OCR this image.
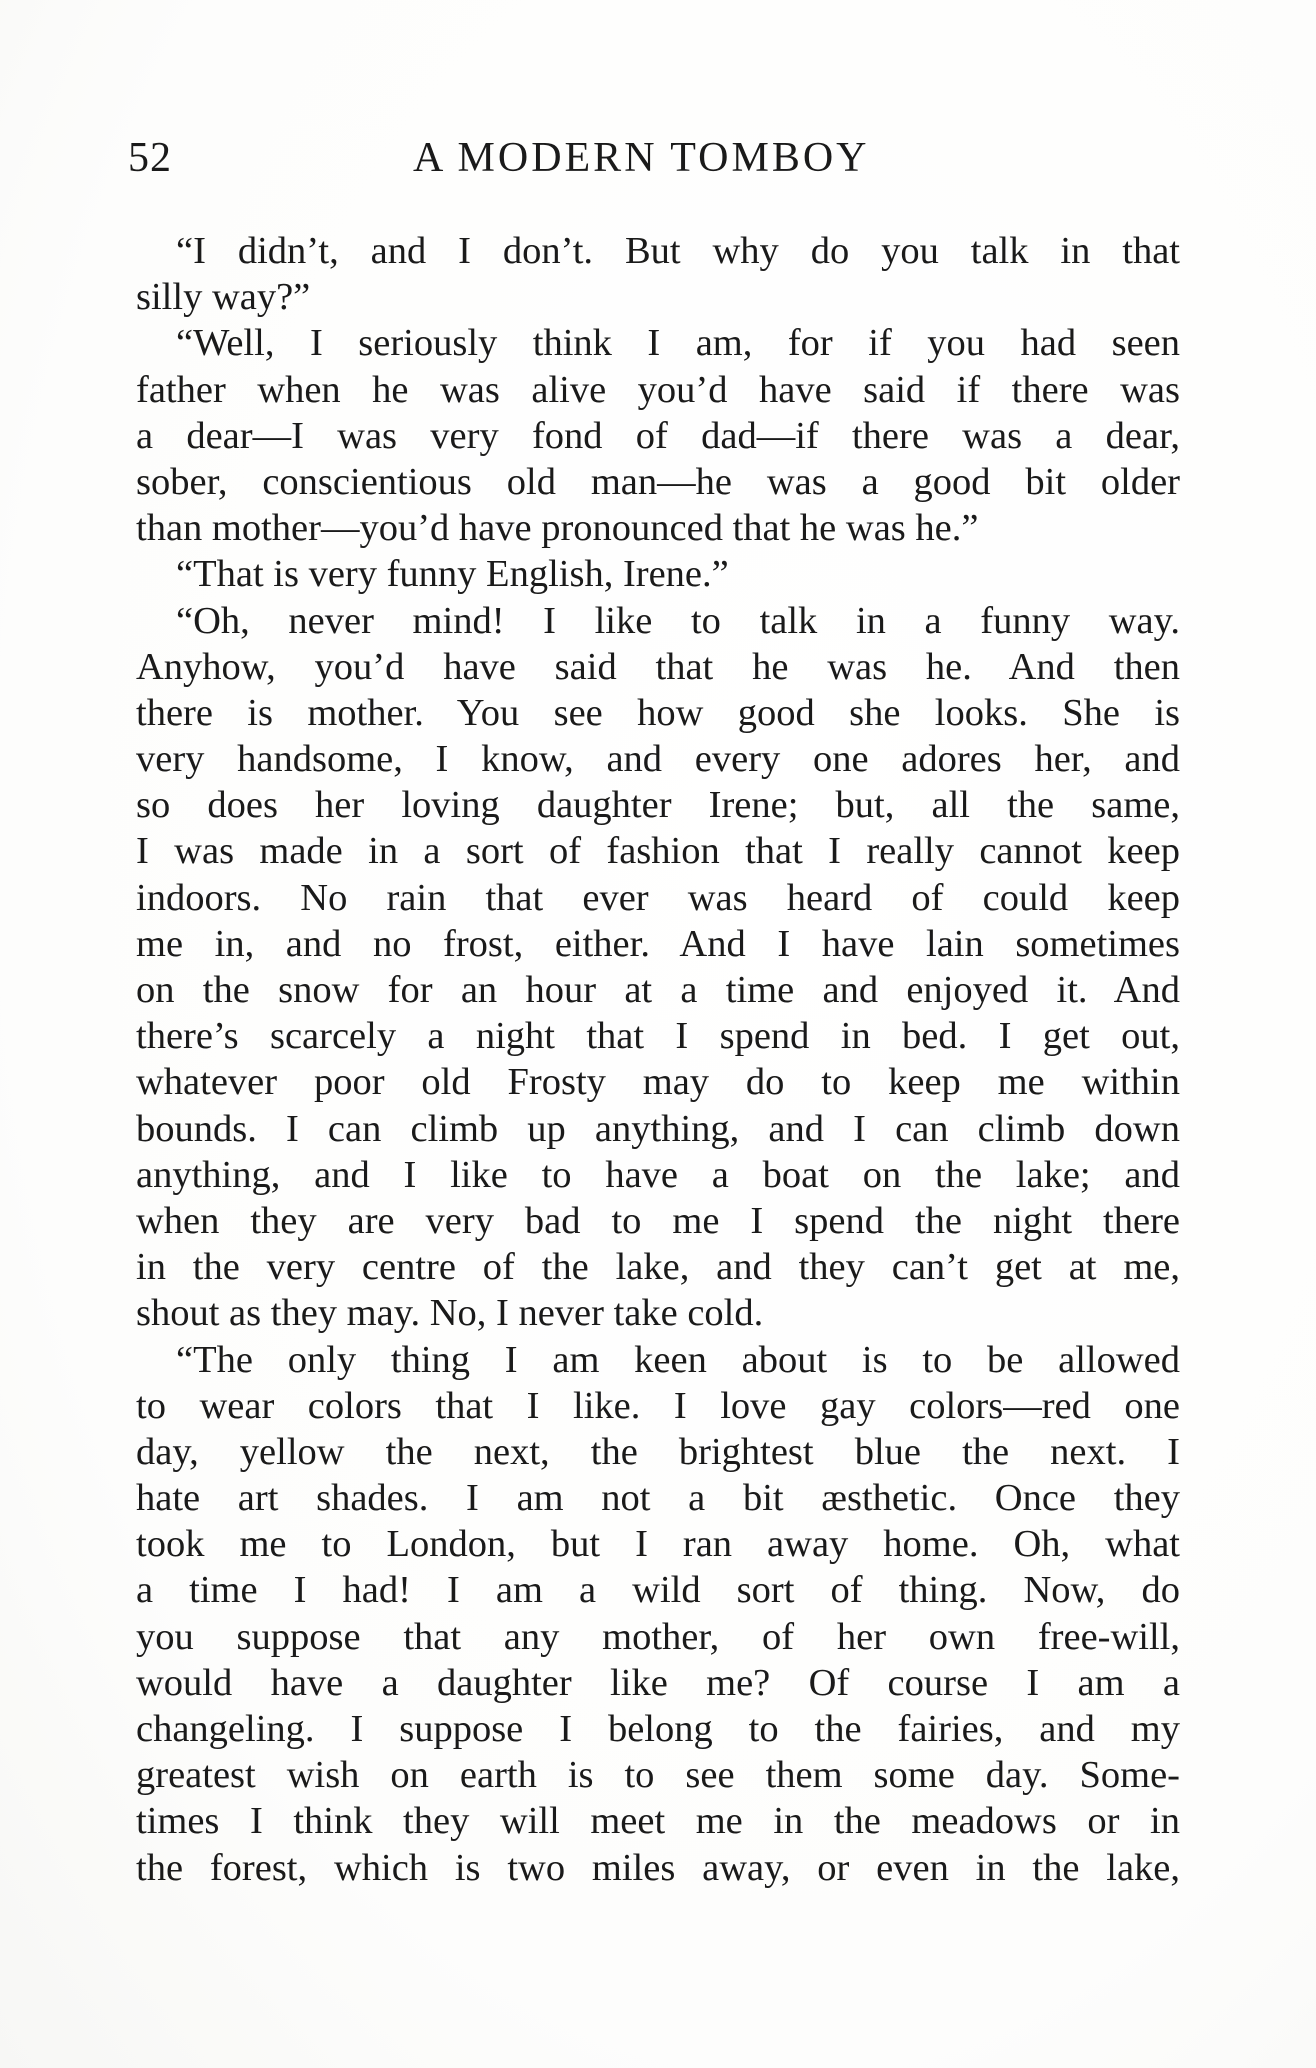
52	A MODERN TOMBOY
“I didn’t, and I don’t. But why do you talk in that
silly way?”
“Well, I seriously think I am, for if you had seen
father when he was alive you’d have said if there was
a dear—I was very fond of dad—if there was a dear,
sober, conscientious old man—he was a good bit older
than mother—you’d have pronounced that he was he.”
“That is very funny English, Irene.”
“Oh, never mind! I like to talk in a funny way.
Anyhow, you’d have said that he was he. And then
there is mother. You see how good she looks. She is
very handsome, I know, and every one adores her, and
so does her loving daughter Irene; but, all the same,
I was made in a sort of fashion that I really cannot keep
indoors. No rain that ever was heard of could keep
me in, and no frost, either. And I have lain sometimes
on the snow for an hour at a time and enjoyed it. And
there’s scarcely a night that I spend in bed. I get out,
whatever poor old Frosty may do to keep me within
bounds. I can climb up anything, and I can climb down
anything, and I like to have a boat on the lake; and
when they are very bad to me I spend the night there
in the very centre of the lake, and they can’t get at me,
shout as they may. No, I never take cold.
“The only thing I am keen about is to be allowed
to wear colors that I like. I love gay colors—red one
day, yellow the next, the brightest blue the next. I
hate art shades. I am not a bit æsthetic. Once they
took me to London, but I ran away home. Oh, what
a time I had! I am a wild sort of thing. Now, do
you suppose that any mother, of her own free-will,
would have a daughter like me? Of course I am a
changeling. I suppose I belong to the fairies, and my
greatest wish on earth is to see them some day. Some-
times I think they will meet me in the meadows or in
the forest, which is two miles away, or even in the lake,
